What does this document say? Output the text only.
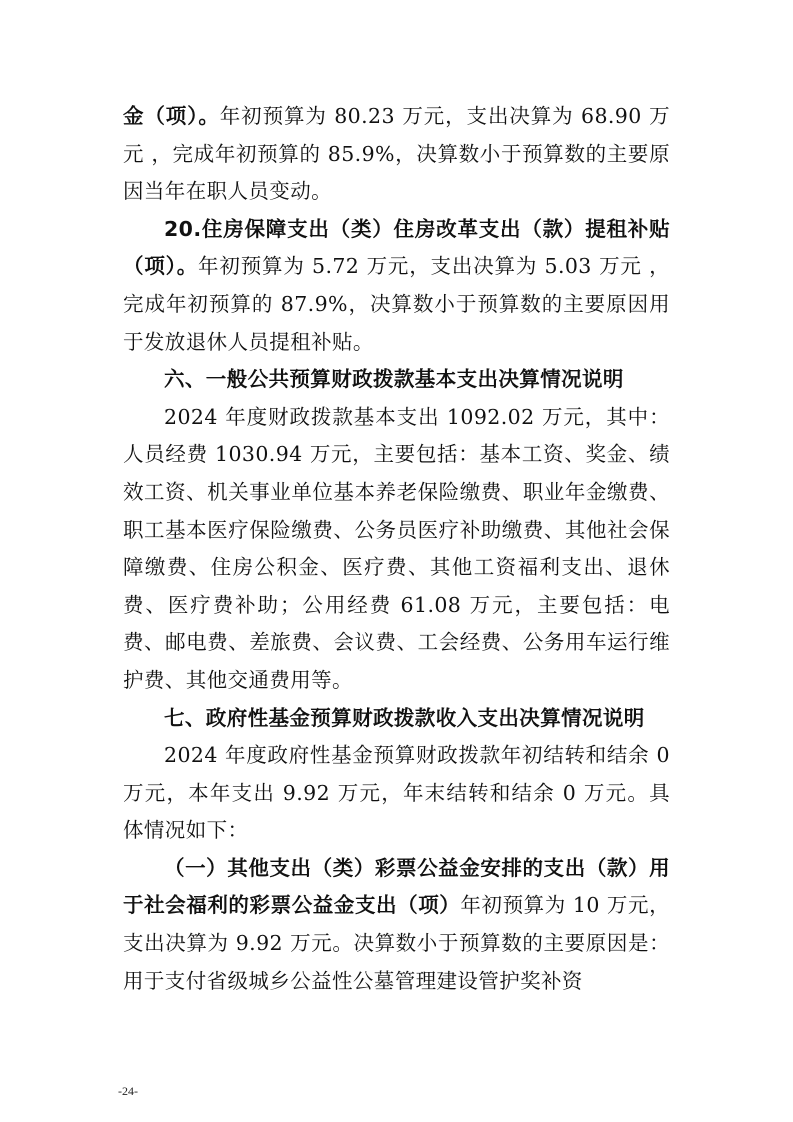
金（项）。年初预算为 80.23 万元，支出决算为 68.90 万元 ，完成年初预算的 85.9%，决算数小于预算数的主要原因当年在职人员变动。

20.住房保障支出（类）住房改革支出（款）提租补贴（项）。年初预算为 5.72 万元，支出决算为 5.03 万元 ，完成年初预算的 87.9%，决算数小于预算数的主要原因用于发放退休人员提租补贴。

六、一般公共预算财政拨款基本支出决算情况说明

2024 年度财政拨款基本支出 1092.02 万元，其中：人员经费 1030.94 万元，主要包括：基本工资、奖金、绩效工资、机关事业单位基本养老保险缴费、职业年金缴费、职工基本医疗保险缴费、公务员医疗补助缴费、其他社会保障缴费、住房公积金、医疗费、其他工资福利支出、退休费、医疗费补助；公用经费 61.08 万元，主要包括：电费、邮电费、差旅费、会议费、工会经费、公务用车运行维护费、其他交通费用等。

七、政府性基金预算财政拨款收入支出决算情况说明

2024 年度政府性基金预算财政拨款年初结转和结余 0 万元，本年支出 9.92 万元，年末结转和结余 0 万元。具体情况如下：

（一）其他支出（类）彩票公益金安排的支出（款）用于社会福利的彩票公益金支出（项）年初预算为 10 万元，支出决算为 9.92 万元。决算数小于预算数的主要原因是：用于支付省级城乡公益性公墓管理建设管护奖补资

-24-
